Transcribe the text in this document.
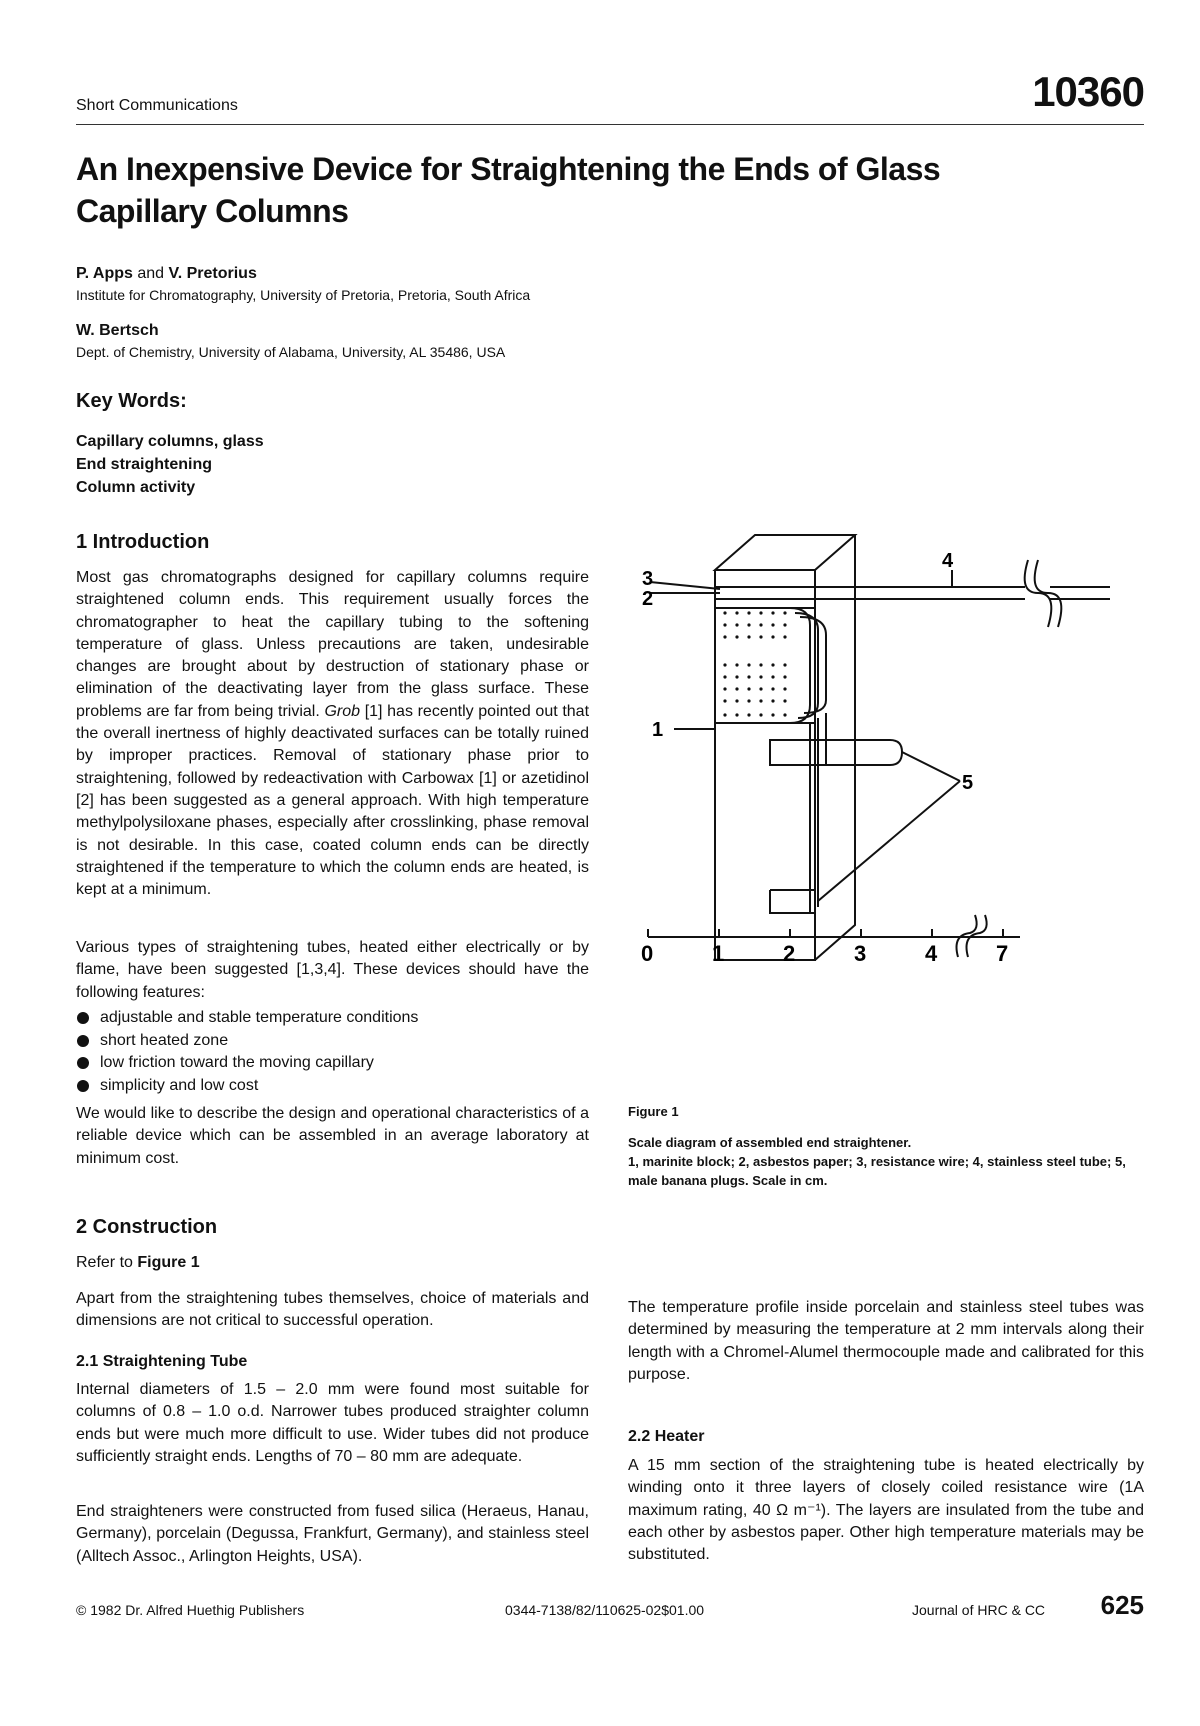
Short Communications	10360
An Inexpensive Device for Straightening the Ends of Glass Capillary Columns
P. Apps and V. Pretorius
Institute for Chromatography, University of Pretoria, Pretoria, South Africa
W. Bertsch
Dept. of Chemistry, University of Alabama, University, AL 35486, USA
Key Words:
Capillary columns, glass
End straightening
Column activity
1 Introduction

Most gas chromatographs designed for capillary columns require straightened column ends. This requirement usually forces the chromatographer to heat the capillary tubing to the softening temperature of glass. Unless precautions are taken, undesirable changes are brought about by destruction of stationary phase or elimination of the deactivating layer from the glass surface. These problems are far from being trivial. Grob [1] has recently pointed out that the overall inertness of highly deactivated surfaces can be totally ruined by improper practices. Removal of stationary phase prior to straightening, followed by redeactivation with Carbowax [1] or azetidinol [2] has been suggested as a general approach. With high temperature methylpolysiloxane phases, especially after crosslinking, phase removal is not desirable. In this case, coated column ends can be directly straightened if the temperature to which the column ends are heated, is kept at a minimum.

Various types of straightening tubes, heated either electrically or by flame, have been suggested [1,3,4]. These devices should have the following features:

adjustable and stable temperature conditions
short heated zone
low friction toward the moving capillary
simplicity and low cost

We would like to describe the design and operational characteristics of a reliable device which can be assembled in an average laboratory at minimum cost.

2 Construction
Refer to Figure 1

Apart from the straightening tubes themselves, choice of materials and dimensions are not critical to successful operation.

2.1 Straightening Tube

Internal diameters of 1.5 – 2.0 mm were found most suitable for columns of 0.8 – 1.0 o.d. Narrower tubes produced straighter column ends but were much more difficult to use. Wider tubes did not produce sufficiently straight ends. Lengths of 70 – 80 mm are adequate.

End straighteners were constructed from fused silica (Heraeus, Hanau, Germany), porcelain (Degussa, Frankfurt, Germany), and stainless steel (Alltech Assoc., Arlington Heights, USA).

The temperature profile inside porcelain and stainless steel tubes was determined by measuring the temperature at 2 mm intervals along their length with a Chromel-Alumel thermocouple made and calibrated for this purpose.

2.2 Heater

A 15 mm section of the straightening tube is heated electrically by winding onto it three layers of closely coiled resistance wire (1A maximum rating, 40 Ω m⁻¹). The layers are insulated from the tube and each other by asbestos paper. Other high temperature materials may be substituted.

3
2
1
4
5
0	1	2	3	4	7
Figure 1
Scale diagram of assembled end straightener.
1, marinite block; 2, asbestos paper; 3, resistance wire; 4, stainless steel tube; 5, male banana plugs. Scale in cm.
© 1982 Dr. Alfred Huethig Publishers	0344-7138/82/110625-02$01.00	Journal of HRC & CC 625
